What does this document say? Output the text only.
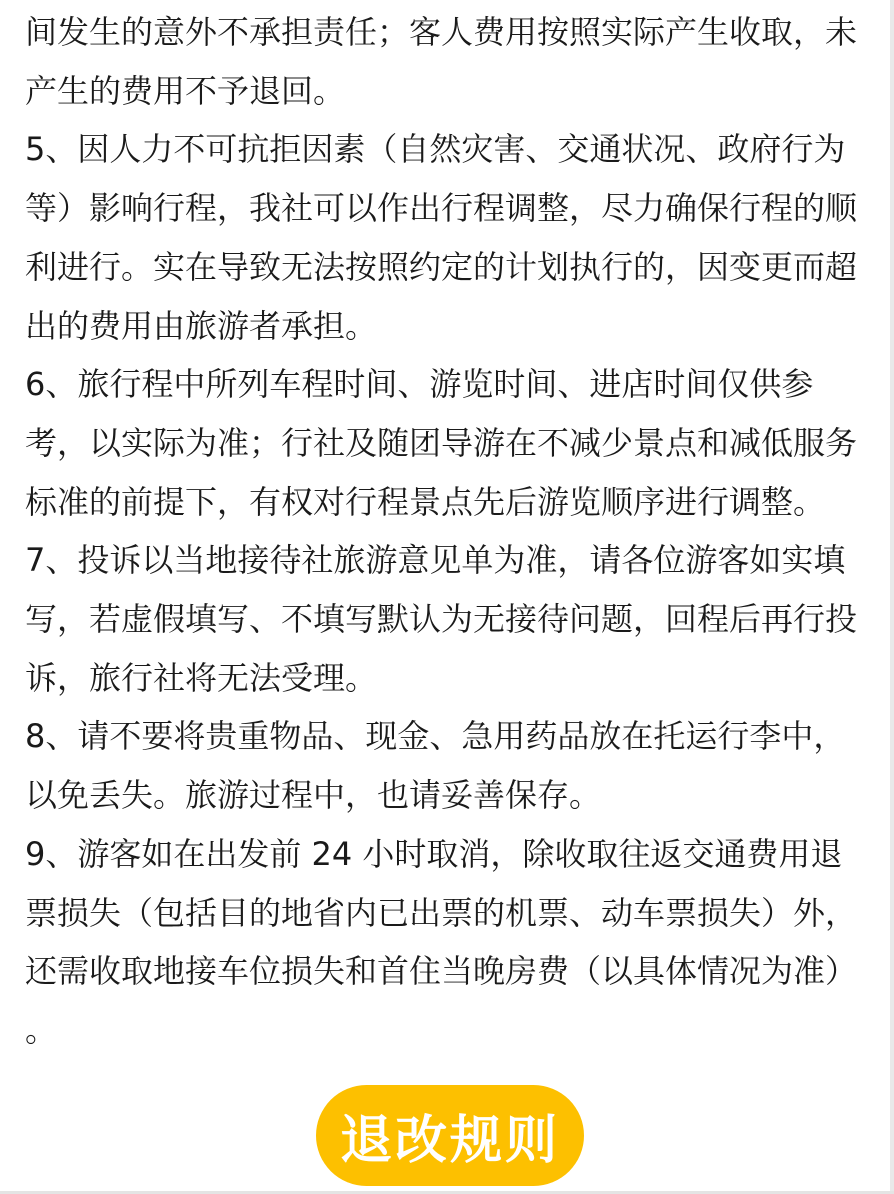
间发生的意外不承担责任；客人费用按照实际产生收取，未产生的费用不予退回。

5、因人力不可抗拒因素（自然灾害、交通状况、政府行为等）影响行程，我社可以作出行程调整，尽力确保行程的顺利进行。实在导致无法按照约定的计划执行的，因变更而超出的费用由旅游者承担。

6、旅行程中所列车程时间、游览时间、进店时间仅供参考，以实际为准；行社及随团导游在不减少景点和减低服务标准的前提下，有权对行程景点先后游览顺序进行调整。

7、投诉以当地接待社旅游意见单为准，请各位游客如实填写，若虚假填写、不填写默认为无接待问题，回程后再行投诉，旅行社将无法受理。

8、请不要将贵重物品、现金、急用药品放在托运行李中，以免丢失。旅游过程中，也请妥善保存。

9、游客如在出发前 24 小时取消，除收取往返交通费用退票损失（包括目的地省内已出票的机票、动车票损失）外，还需收取地接车位损失和首住当晚房费（以具体情况为准） 。

退改规则
